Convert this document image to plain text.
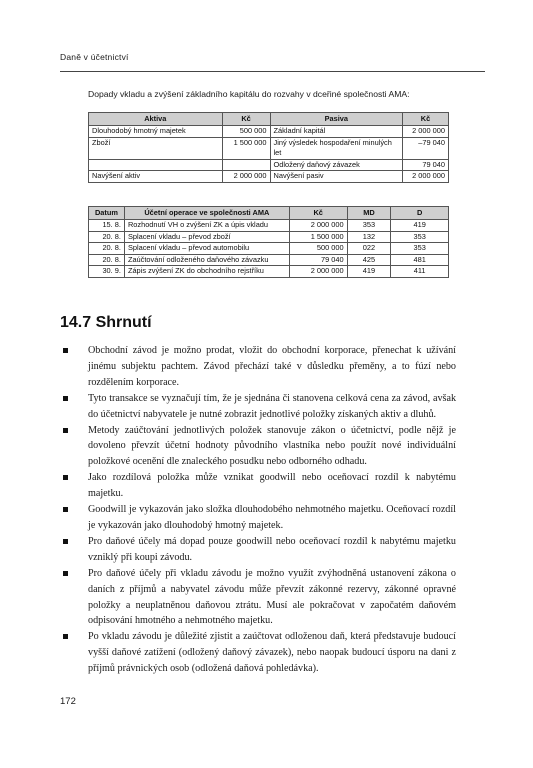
Daně v účetnictví
Dopady vkladu a zvýšení základního kapitálu do rozvahy v dceřiné společnosti AMA:
Aktiva	Kč	Pasiva	Kč
Dlouhodobý hmotný majetek	500 000	Základní kapitál	2 000 000
Zboží	1 500 000	Jiný výsledek hospodaření minulých let	–79 040
		Odložený daňový závazek	79 040
Navýšení aktiv	2 000 000	Navýšení pasiv	2 000 000
Datum	Účetní operace ve společnosti AMA	Kč	MD	D
15. 8.	Rozhodnutí VH o zvýšení ZK a úpis vkladu	2 000 000	353	419
20. 8.	Splacení vkladu – převod zboží	1 500 000	132	353
20. 8.	Splacení vkladu – převod automobilu	500 000	022	353
20. 8.	Zaúčtování odloženého daňového závazku	79 040	425	481
30. 9.	Zápis zvýšení ZK do obchodního rejstříku	2 000 000	419	411
14.7 Shrnutí
Obchodní závod je možno prodat, vložit do obchodní korporace, přenechat k užívání jinému subjektu pachtem. Závod přechází také v důsledku přeměny, a to fúzí nebo rozdělením korporace.
Tyto transakce se vyznačují tím, že je sjednána či stanovena celková cena za závod, avšak do účetnictví nabyvatele je nutné zobrazit jednotlivé položky získaných aktiv a dluhů.
Metody zaúčtování jednotlivých položek stanovuje zákon o účetnictví, podle nějž je dovoleno převzít účetní hodnoty původního vlastníka nebo použít nové individuální položkové ocenění dle znaleckého posudku nebo odborného odhadu.
Jako rozdílová položka může vznikat goodwill nebo oceňovací rozdíl k nabytému majetku.
Goodwill je vykazován jako složka dlouhodobého nehmotného majetku. Oceňovací rozdíl je vykazován jako dlouhodobý hmotný majetek.
Pro daňové účely má dopad pouze goodwill nebo oceňovací rozdíl k nabytému majetku vzniklý při koupi závodu.
Pro daňové účely při vkladu závodu je možno využít zvýhodněná ustanovení zákona o daních z příjmů a nabyvatel závodu může převzít zákonné rezervy, zákonné opravné položky a neuplatněnou daňovou ztrátu. Musí ale pokračovat v započatém daňovém odpisování hmotného a nehmotného majetku.
Po vkladu závodu je důležité zjistit a zaúčtovat odloženou daň, která představuje budoucí vyšší daňové zatížení (odložený daňový závazek), nebo naopak budoucí úsporu na dani z příjmů právnických osob (odložená daňová pohledávka).
172
